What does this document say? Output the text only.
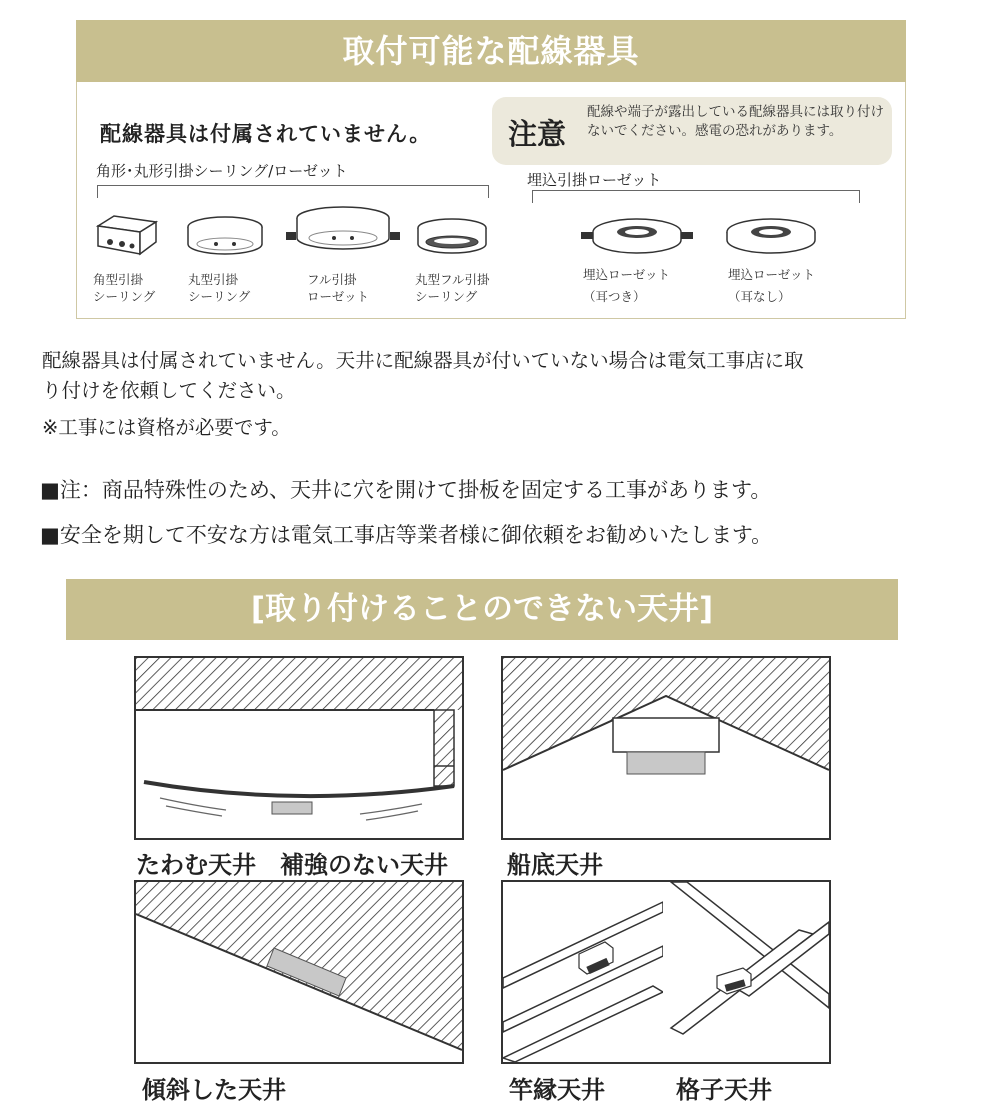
取付可能な配線器具
配線器具は付属されていません。	注意
配線や端子が露出している配線器具には取り付けないでください。感電の恐れがあります。
角形･丸形引掛シーリング/ローゼット	埋込引掛ローゼット
角型引掛
シーリング
丸型引掛
シーリング
フル引掛
ローゼット
丸型フル引掛
シーリング
埋込ローゼット
（耳つき）
埋込ローゼット
（耳なし）
配線器具は付属されていません。天井に配線器具が付いていない場合は電気工事店に取
り付けを依頼してください。
※工事には資格が必要です。
■注：商品特殊性のため、天井に穴を開けて掛板を固定する工事があります。
■安全を期して不安な方は電気工事店等業者様に御依頼をお勧めいたします。
[取り付けることのできない天井]
たわむ天井　補強のない天井 船底天井
傾斜した天井	竿縁天井	格子天井
